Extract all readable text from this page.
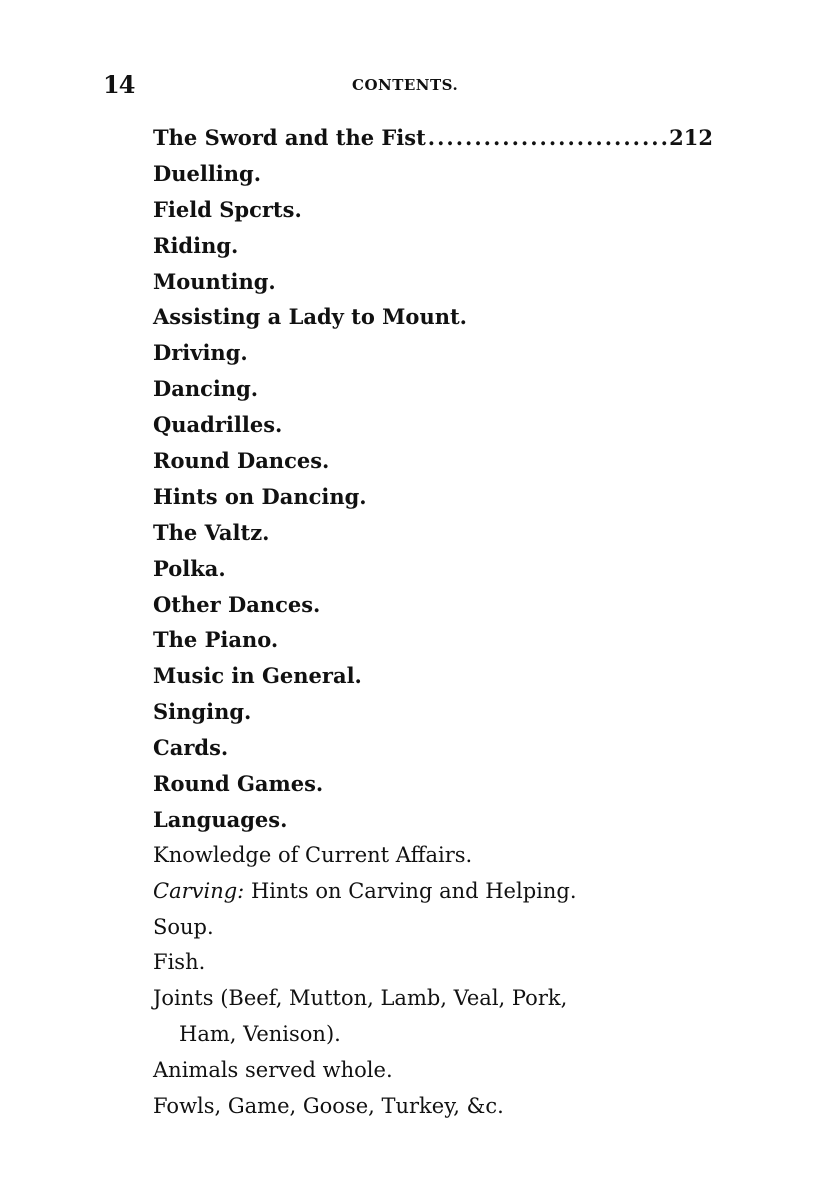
14	CONTENTS.
The Sword and the Fist
.....	212
Duelling.
Field Spcrts.
Riding.
Mounting.
Assisting a Lady to Mount.
Driving.
Dancing.
Quadrilles.
Round Dances.
Hints on Dancing.
The Valtz.
Polka.
Other Dances.
The Piano.
Music in General.
Singing.
Cards.
Round Games.
Languages.
Knowledge of Current Affairs.
Carving: Hints on Carving and Helping.
Soup.
Fish.
Joints (Beef, Mutton, Lamb, Veal, Pork,
Ham, Venison).
Animals served whole.
Fowls, Game, Goose, Turkey, &c.
